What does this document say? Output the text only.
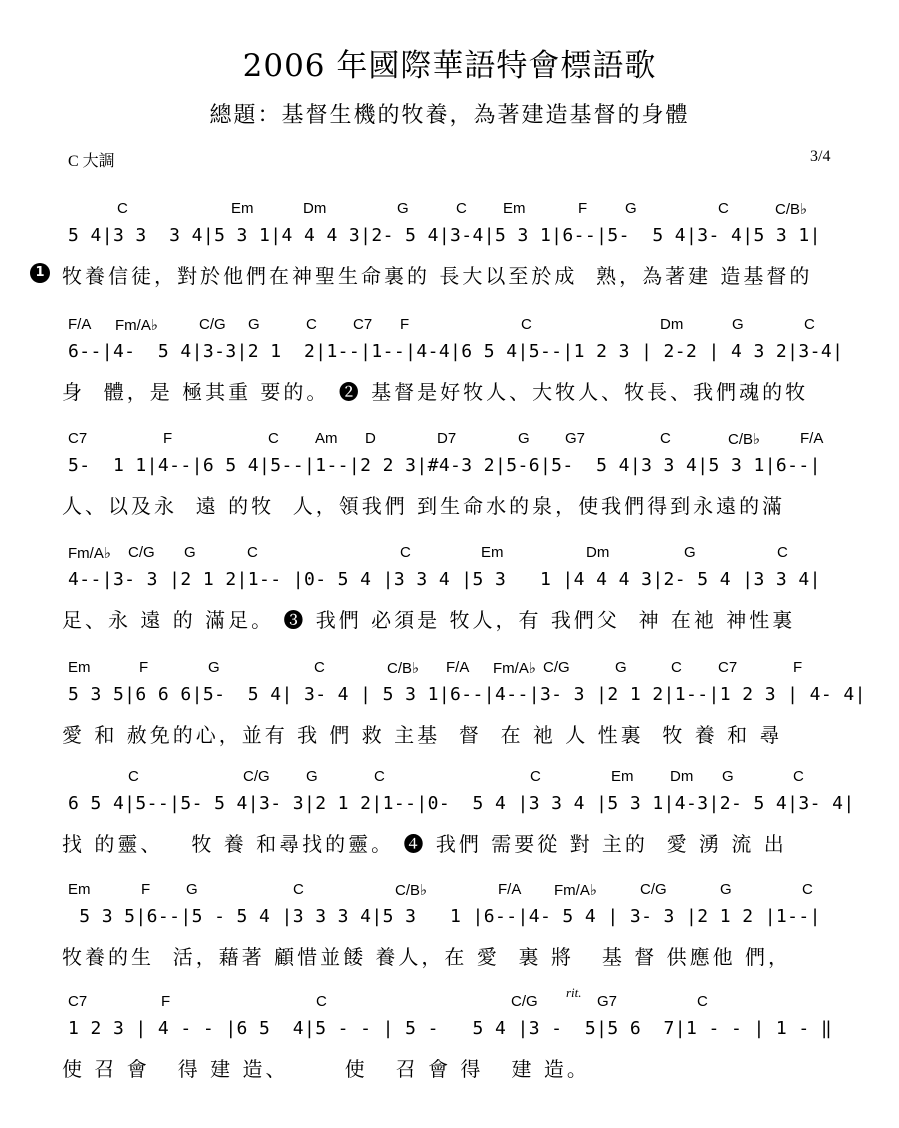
2006 年國際華語特會標語歌
總題：基督生機的牧養，為著建造基督的身體
C 大調	3/4
C	Em	Dm	G	C Em	F	G	C	C/B♭
5 4|3 3  3 4|5 3 1|4 4 4 3|2- 5 4|3-4|5 3 1|6--|5-  5 4|3- 4|5 3 1|
1 牧養信徒，對於他們在神聖生命裏的 長大以至於成  熟，為著建 造基督的
F/A Fm/A♭	C/G G	C C7 F	C	Dm	G	C
6--|4-  5 4|3-3|2 1  2|1--|1--|4-4|6 5 4|5--|1 2 3 | 2-2 | 4 3 2|3-4|
身  體，是 極其重 要的。 ❷ 基督是好牧人、大牧人、牧長、我們魂的牧
C7	F	C Am D	D7	G G7	C	C/B♭	F/A
5-  1 1|4--|6 5 4|5--|1--|2 2 3|#4-3 2|5-6|5-  5 4|3 3 4|5 3 1|6--|
人、以及永  遠 的牧  人，領我們 到生命水的泉，使我們得到永遠的滿
Fm/A♭ C/G G	C	C	Em	Dm	G	C
4--|3- 3 |2 1 2|1-- |0- 5 4 |3 3 4 |5 3   1 |4 4 4 3|2- 5 4 |3 3 4|
足、永 遠 的 滿足。 ❸ 我們 必須是 牧人，有 我們父  神 在祂 神性裏
Em	F	G	C	C/B♭ F/A Fm/A♭ C/G	G	C C7	F
5 3 5|6 6 6|5-  5 4| 3- 4 | 5 3 1|6--|4--|3- 3 |2 1 2|1--|1 2 3 | 4- 4|
愛 和 赦免的心，並有 我 們 救 主基  督  在 祂 人 性裏  牧 養 和 尋
C	C/G G	C	C	Em Dm G	C
6 5 4|5--|5- 5 4|3- 3|2 1 2|1--|0-  5 4 |3 3 4 |5 3 1|4-3|2- 5 4|3- 4|
找 的靈、   牧 養 和尋找的靈。 ❹ 我們 需要從 對 主的  愛 湧 流 出
Em	F G	C	C/B♭	F/A Fm/A♭	C/G	G	C
5 3 5|6--|5 - 5 4 |3 3 3 4|5 3   1 |6--|4- 5 4 | 3- 3 |2 1 2 |1--|
牧養的生  活，藉著 顧惜並餧 養人，在 愛  裏 將   基 督 供應他 們，
C7	F	C	C/G	G7	C
rit.
1 2 3 | 4 - - |6 5  4|5 - - | 5 -   5 4 |3 -  5|5 6  7|1 - - | 1 - ‖
使 召 會   得 建 造、      使   召 會 得   建 造。
